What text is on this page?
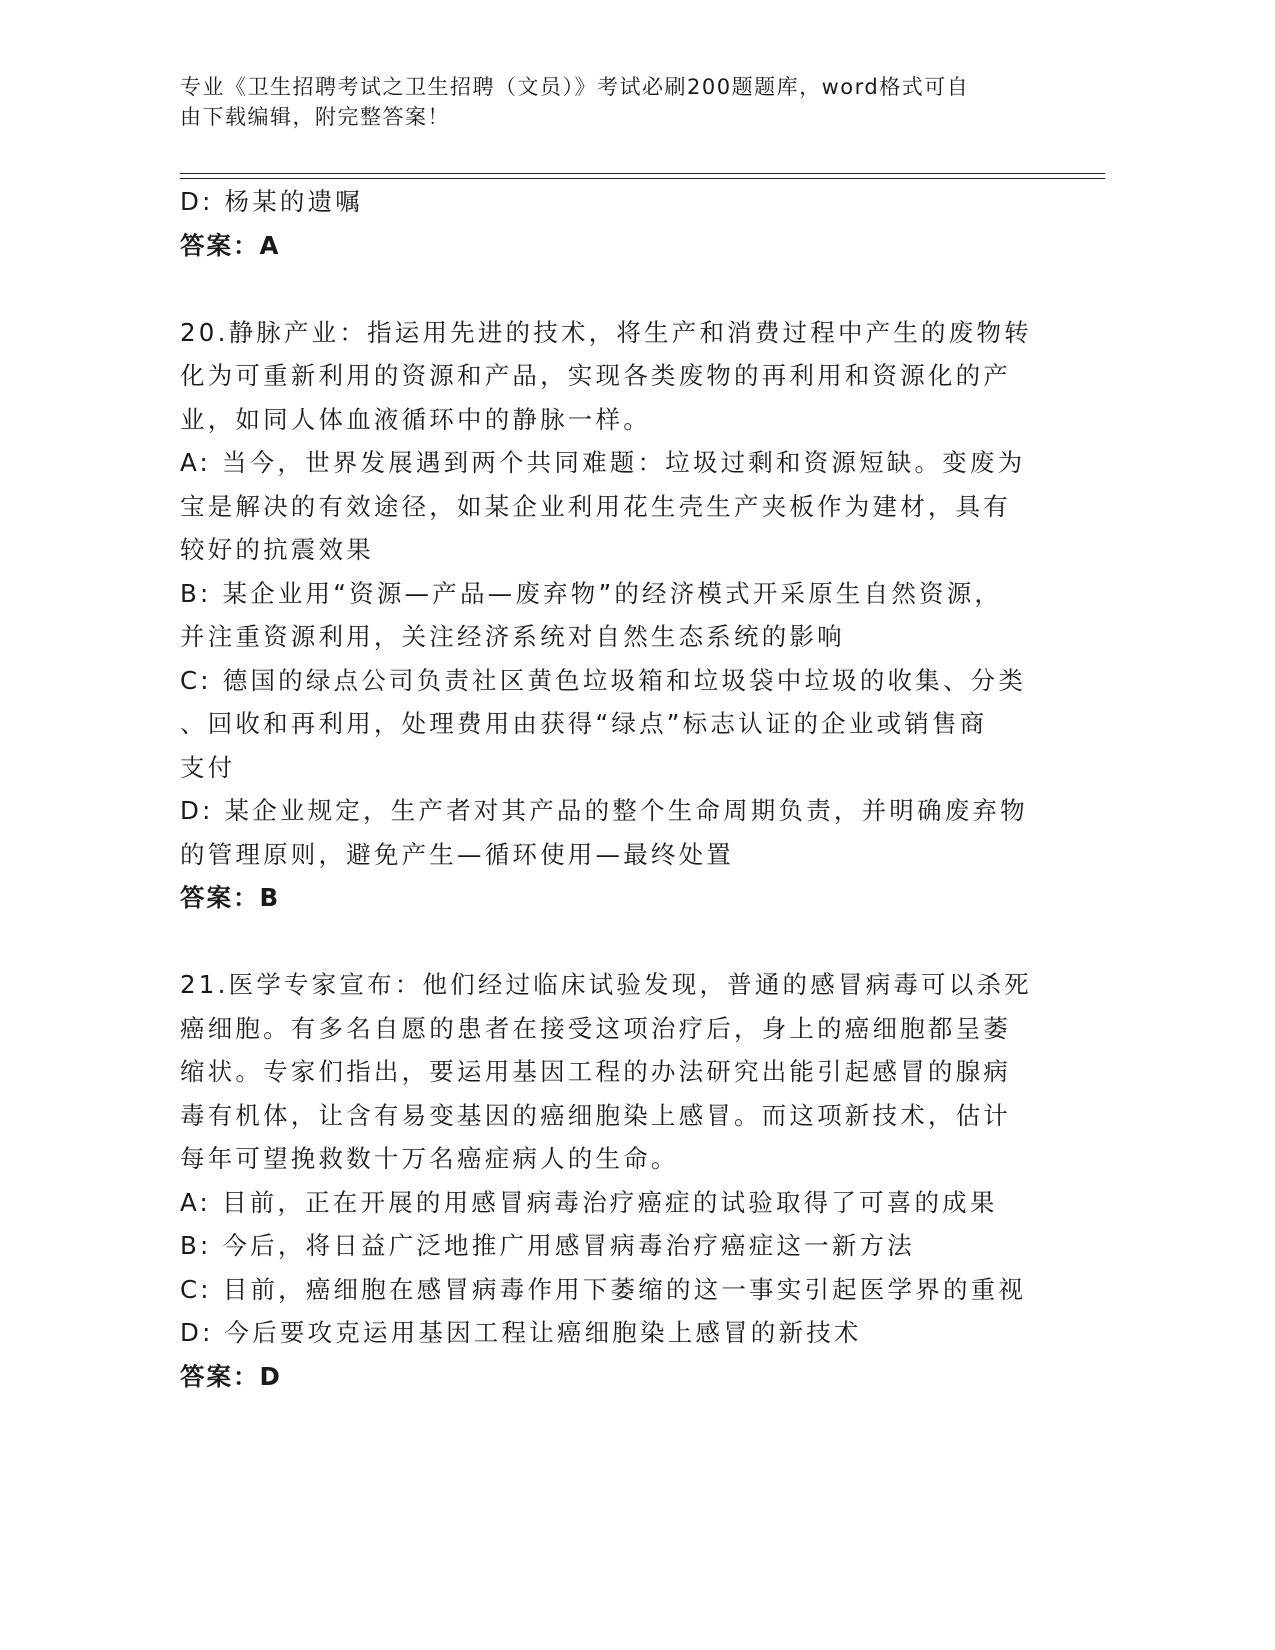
专业《卫生招聘考试之卫生招聘（文员）》考试必刷200题题库，word格式可自
由下载编辑，附完整答案！
D: 杨某的遗嘱
答案：A
20.静脉产业：指运用先进的技术，将生产和消费过程中产生的废物转
化为可重新利用的资源和产品，实现各类废物的再利用和资源化的产
业，如同人体血液循环中的静脉一样。
A: 当今，世界发展遇到两个共同难题：垃圾过剩和资源短缺。变废为
宝是解决的有效途径，如某企业利用花生壳生产夹板作为建材，具有
较好的抗震效果
B: 某企业用“资源—产品—废弃物”的经济模式开采原生自然资源，
并注重资源利用，关注经济系统对自然生态系统的影响
C: 德国的绿点公司负责社区黄色垃圾箱和垃圾袋中垃圾的收集、分类
、回收和再利用，处理费用由获得“绿点”标志认证的企业或销售商
支付
D: 某企业规定，生产者对其产品的整个生命周期负责，并明确废弃物
的管理原则，避免产生—循环使用—最终处置
答案：B
21.医学专家宣布：他们经过临床试验发现，普通的感冒病毒可以杀死
癌细胞。有多名自愿的患者在接受这项治疗后，身上的癌细胞都呈萎
缩状。专家们指出，要运用基因工程的办法研究出能引起感冒的腺病
毒有机体，让含有易变基因的癌细胞染上感冒。而这项新技术，估计
每年可望挽救数十万名癌症病人的生命。
A: 目前，正在开展的用感冒病毒治疗癌症的试验取得了可喜的成果
B: 今后，将日益广泛地推广用感冒病毒治疗癌症这一新方法
C: 目前，癌细胞在感冒病毒作用下萎缩的这一事实引起医学界的重视
D: 今后要攻克运用基因工程让癌细胞染上感冒的新技术
答案：D
